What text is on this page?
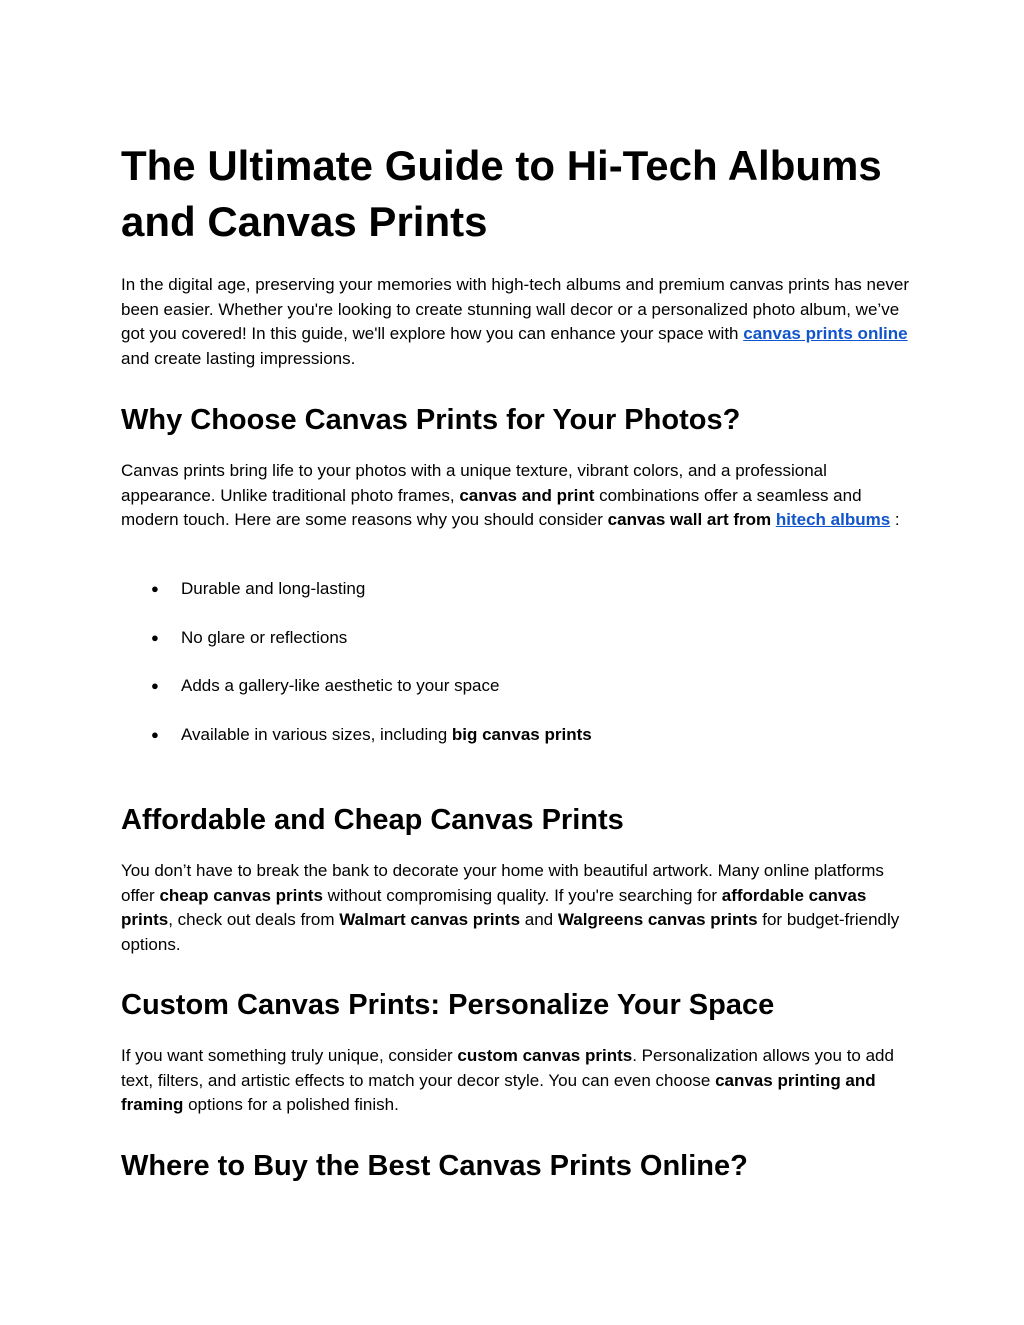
The Ultimate Guide to Hi-Tech Albums and Canvas Prints

In the digital age, preserving your memories with high-tech albums and premium canvas prints has never been easier. Whether you're looking to create stunning wall decor or a personalized photo album, we’ve got you covered! In this guide, we'll explore how you can enhance your space with canvas prints online and create lasting impressions.

Why Choose Canvas Prints for Your Photos?

Canvas prints bring life to your photos with a unique texture, vibrant colors, and a professional appearance. Unlike traditional photo frames, canvas and print combinations offer a seamless and modern touch. Here are some reasons why you should consider canvas wall art from hitech albums :

● Durable and long-lasting
● No glare or reflections
● Adds a gallery-like aesthetic to your space
● Available in various sizes, including big canvas prints
Affordable and Cheap Canvas Prints

You don’t have to break the bank to decorate your home with beautiful artwork. Many online platforms offer cheap canvas prints without compromising quality. If you're searching for affordable canvas prints, check out deals from Walmart canvas prints and Walgreens canvas prints for budget-friendly options.

Custom Canvas Prints: Personalize Your Space

If you want something truly unique, consider custom canvas prints. Personalization allows you to add text, filters, and artistic effects to match your decor style. You can even choose canvas printing and framing options for a polished finish.

Where to Buy the Best Canvas Prints Online?
